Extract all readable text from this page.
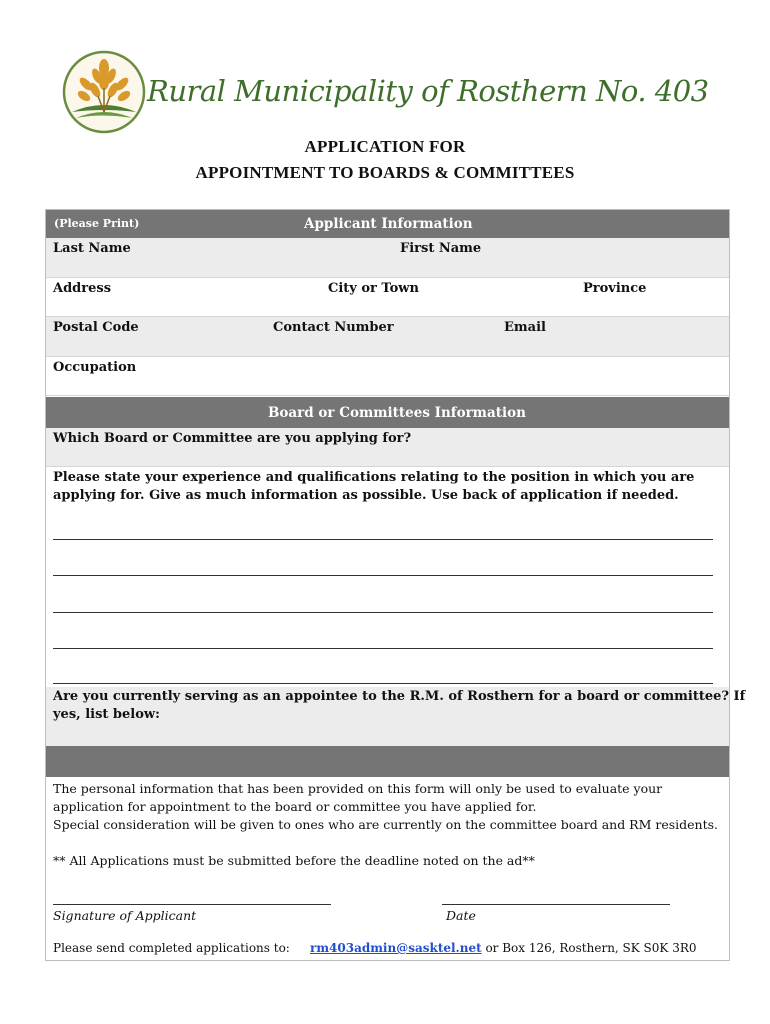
Rural Municipality of Rosthern No. 403
APPLICATION FOR
APPOINTMENT TO BOARDS & COMMITTEES
(Please Print)	Applicant Information
Last Name	First Name
Address	City or Town	Province
Postal Code	Contact Number	Email
Occupation
Board or Committees Information
Which Board or Committee are you applying for?
Please state your experience and qualifications relating to the position in which you are
applying for. Give as much information as possible. Use back of application if needed.
Are you currently serving as an appointee to the R.M. of Rosthern for a board or committee? If
yes, list below:
The personal information that has been provided on this form will only be used to evaluate your
application for appointment to the board or committee you have applied for.
Special consideration will be given to ones who are currently on the committee board and RM residents.
** All Applications must be submitted before the deadline noted on the ad**
Signature of Applicant	Date
Please send completed applications to: rm403admin@sasktel.net or Box 126, Rosthern, SK S0K 3R0
